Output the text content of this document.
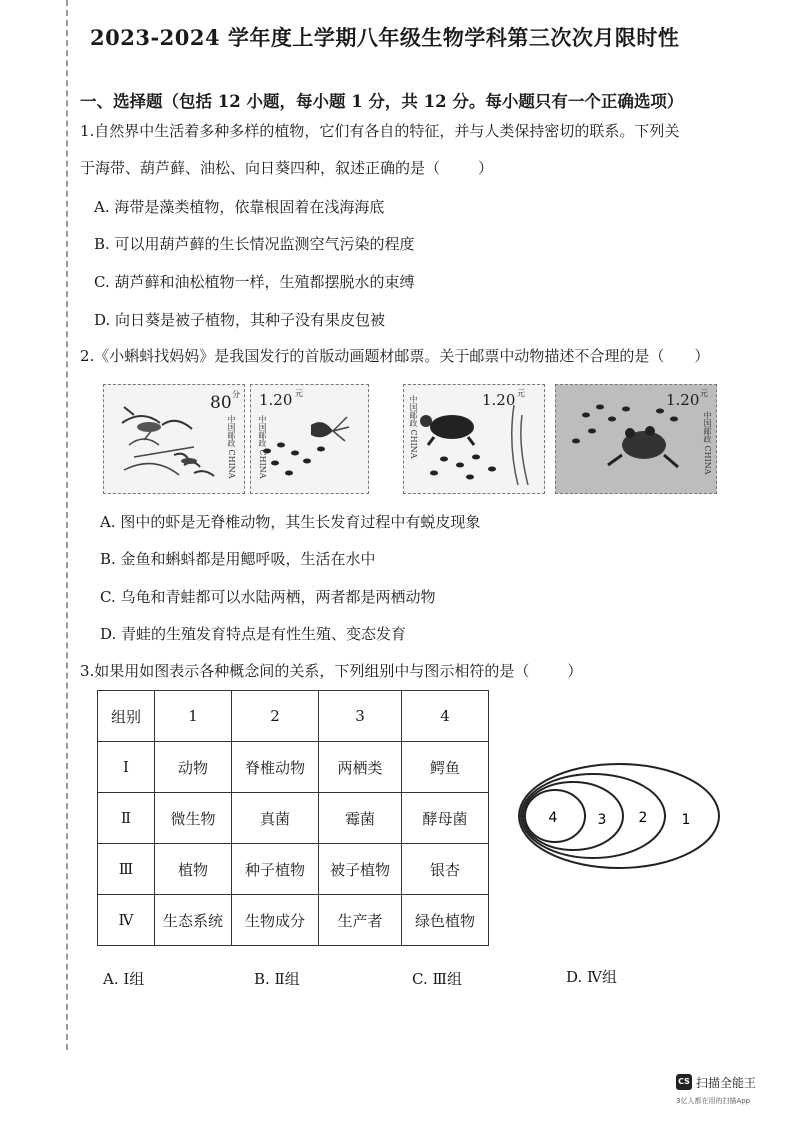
2023-2024 学年度上学期八年级生物学科第三次次月限时性
一、选择题（包括 12 小题，每小题 1 分，共 12 分。每小题只有一个正确选项）
1.自然界中生活着多种多样的植物，它们有各自的特征，并与人类保持密切的联系。下列关
于海带、葫芦藓、油松、向日葵四种，叙述正确的是（	）
A. 海带是藻类植物，依靠根固着在浅海海底
B. 可以用葫芦藓的生长情况监测空气污染的程度
C. 葫芦藓和油松植物一样，生殖都摆脱水的束缚
D. 向日葵是被子植物，其种子没有果皮包被
2.《小蝌蚪找妈妈》是我国发行的首版动画题材邮票。关于邮票中动物描述不合理的是（ ）
80 分
中国邮政 CHINA
1.20 元
中国邮政 CHINA
1.20 元
中国邮政 CHINA	1.20 元
中国邮政 CHINA
A. 图中的虾是无脊椎动物，其生长发育过程中有蜕皮现象
B. 金鱼和蝌蚪都是用鳃呼吸，生活在水中
C. 乌龟和青蛙都可以水陆两栖，两者都是两栖动物
D. 青蛙的生殖发育特点是有性生殖、变态发育
3.如果用如图表示各种概念间的关系，下列组别中与图示相符的是（	）
组别	1	2	3	4
Ⅰ	动物	脊椎动物	两栖类	鳄鱼
Ⅱ	微生物	真菌	霉菌	酵母菌
Ⅲ	植物	种子植物	被子植物	银杏
Ⅳ	生态系统	生物成分	生产者	绿色植物
4	3 2 1
A. Ⅰ组	B. Ⅱ组	C. Ⅲ组	D. Ⅳ组
CS 扫描全能王
3亿人都在用的扫描App
